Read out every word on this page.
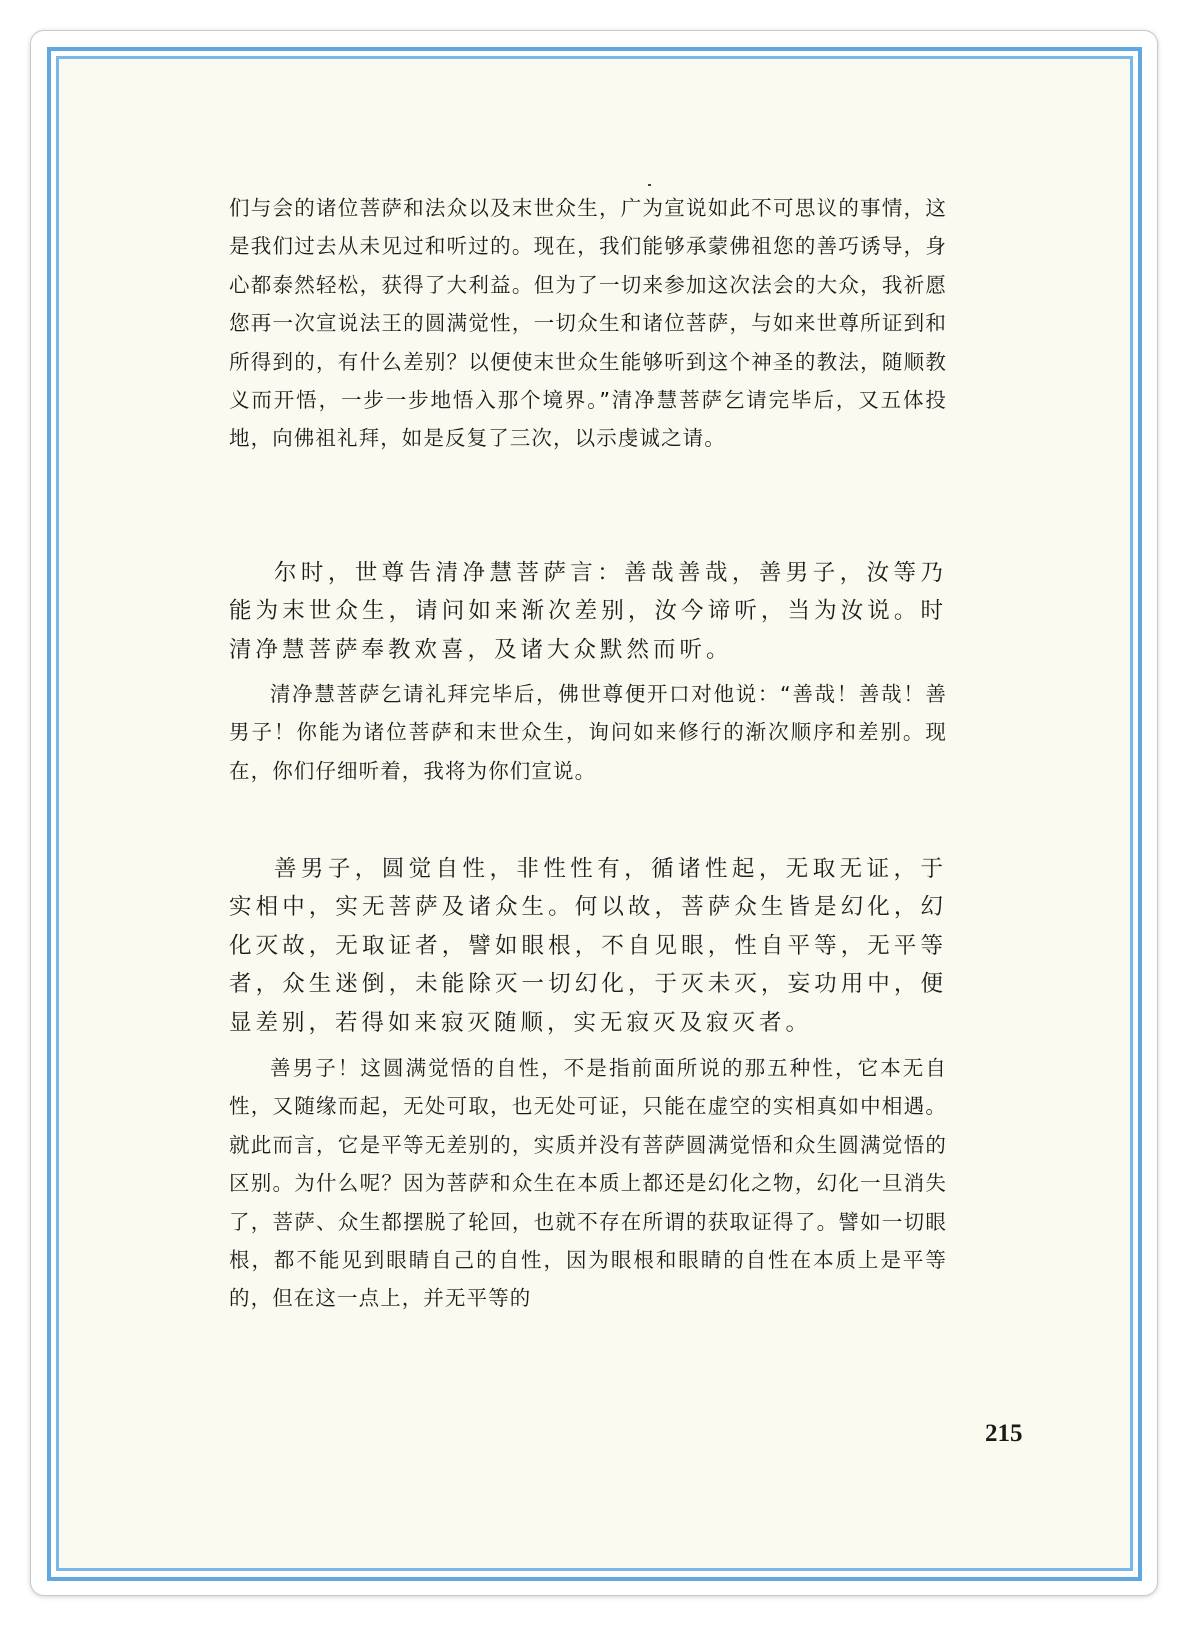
们与会的诸位菩萨和法众以及末世众生，广为宣说如此不可思议的事情，这是我们过去从未见过和听过的。现在，我们能够承蒙佛祖您的善巧诱导，身心都泰然轻松，获得了大利益。但为了一切来参加这次法会的大众，我祈愿您再一次宣说法王的圆满觉性，一切众生和诸位菩萨，与如来世尊所证到和所得到的，有什么差别？以便使末世众生能够听到这个神圣的教法，随顺教义而开悟，一步一步地悟入那个境界。”清净慧菩萨乞请完毕后，又五体投地，向佛祖礼拜，如是反复了三次，以示虔诚之请。

尔时，世尊告清净慧菩萨言：善哉善哉，善男子，汝等乃能为末世众生，请问如来渐次差别，汝今谛听，当为汝说。时清净慧菩萨奉教欢喜，及诸大众默然而听。

清净慧菩萨乞请礼拜完毕后，佛世尊便开口对他说：“善哉！善哉！善男子！你能为诸位菩萨和末世众生，询问如来修行的渐次顺序和差别。现在，你们仔细听着，我将为你们宣说。

善男子，圆觉自性，非性性有，循诸性起，无取无证，于实相中，实无菩萨及诸众生。何以故，菩萨众生皆是幻化，幻化灭故，无取证者，譬如眼根，不自见眼，性自平等，无平等者，众生迷倒，未能除灭一切幻化，于灭未灭，妄功用中，便显差别，若得如来寂灭随顺，实无寂灭及寂灭者。

善男子！这圆满觉悟的自性，不是指前面所说的那五种性，它本无自性，又随缘而起，无处可取，也无处可证，只能在虚空的实相真如中相遇。就此而言，它是平等无差别的，实质并没有菩萨圆满觉悟和众生圆满觉悟的区别。为什么呢？因为菩萨和众生在本质上都还是幻化之物，幻化一旦消失了，菩萨、众生都摆脱了轮回，也就不存在所谓的获取证得了。譬如一切眼根，都不能见到眼睛自己的自性，因为眼根和眼睛的自性在本质上是平等的，但在这一点上，并无平等的

215
